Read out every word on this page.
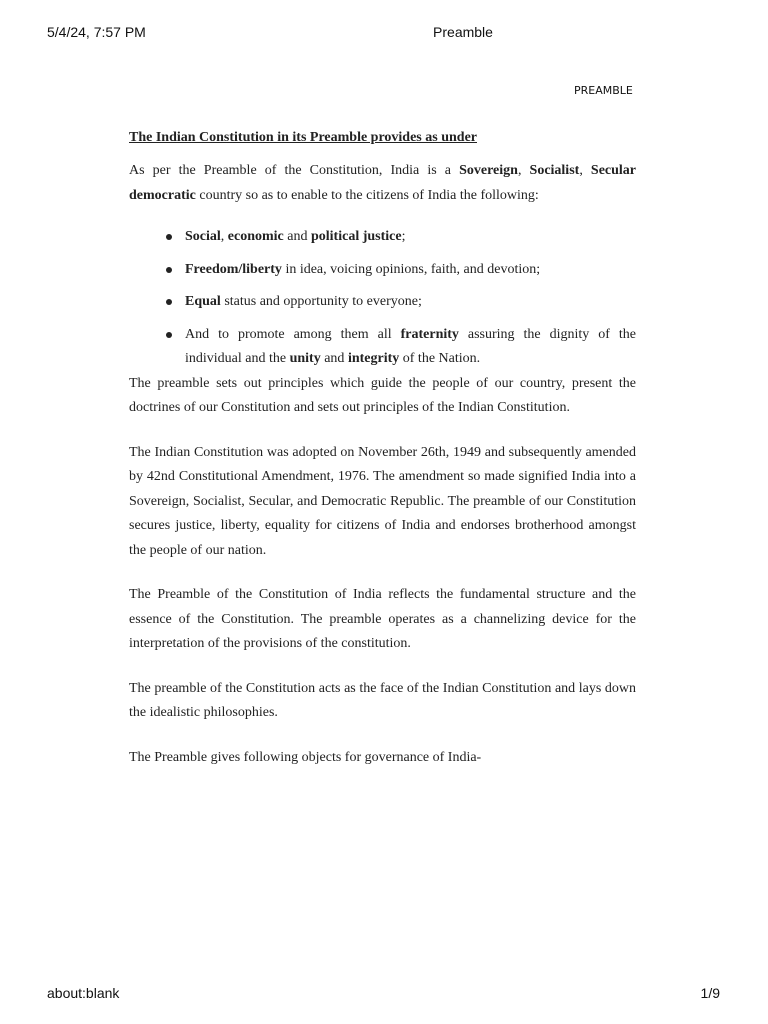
5/4/24, 7:57 PM	Preamble
PREAMBLE
The Indian Constitution in its Preamble provides as under

As per the Preamble of the Constitution, India is a Sovereign, Socialist, Secular democratic country so as to enable to the citizens of India the following:

Social, economic and political justice;
Freedom/liberty in idea, voicing opinions, faith, and devotion;
Equal status and opportunity to everyone;
And to promote among them all fraternity assuring the dignity of the individual and the unity and integrity of the Nation.

The preamble sets out principles which guide the people of our country, present the doctrines of our Constitution and sets out principles of the Indian Constitution.

The Indian Constitution was adopted on November 26th, 1949 and subsequently amended by 42nd Constitutional Amendment, 1976. The amendment so made signified India into a Sovereign, Socialist, Secular, and Democratic Republic. The preamble of our Constitution secures justice, liberty, equality for citizens of India and endorses brotherhood amongst the people of our nation.

The Preamble of the Constitution of India reflects the fundamental structure and the essence of the Constitution. The preamble operates as a channelizing device for the interpretation of the provisions of the constitution.

The preamble of the Constitution acts as the face of the Indian Constitution and lays down the idealistic philosophies.

The Preamble gives following objects for governance of India-

about:blank	1/9
